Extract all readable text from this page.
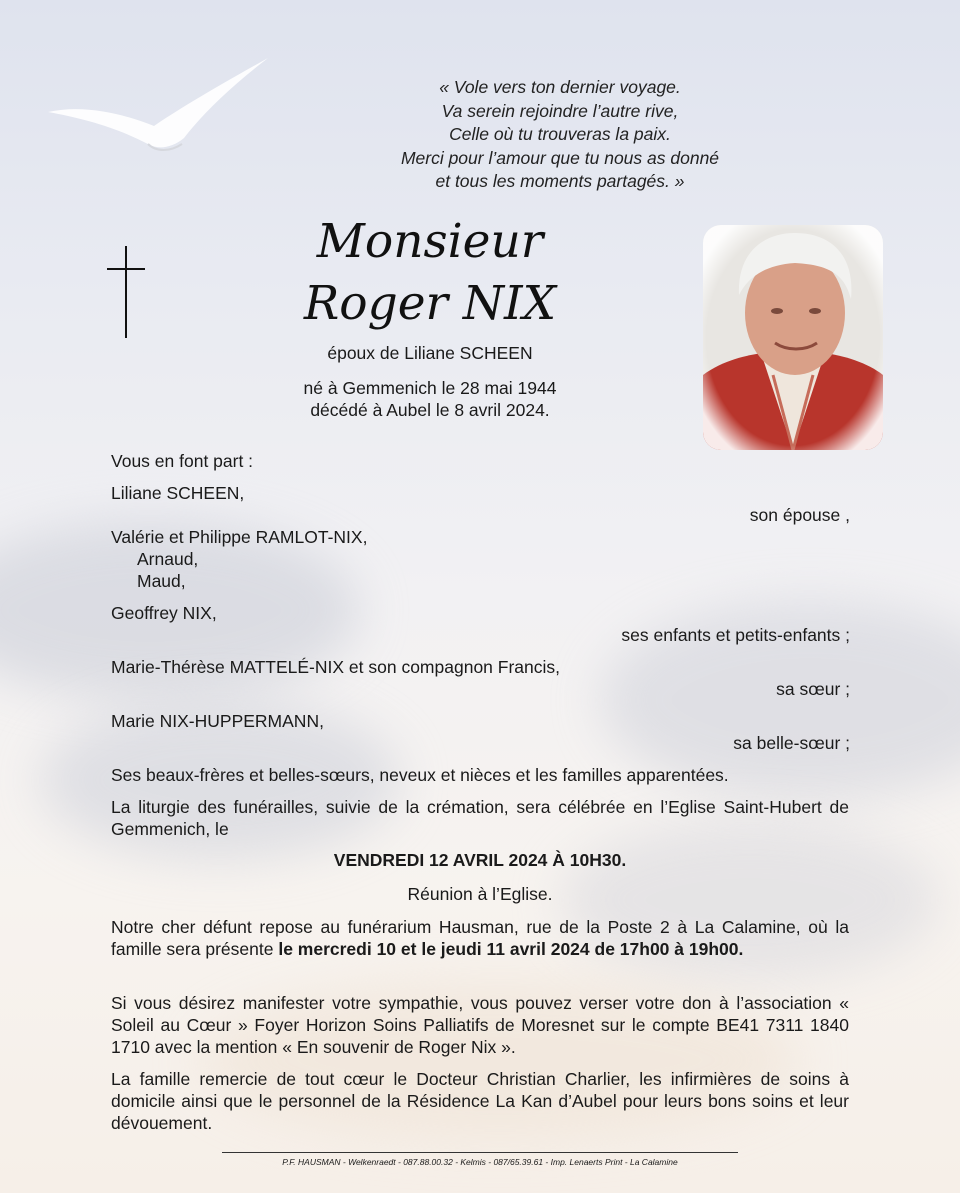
« Vole vers ton dernier voyage.
Va serein rejoindre l’autre rive,
Celle où tu trouveras la paix.
Merci pour l’amour que tu nous as donné
et tous les moments partagés. »
Monsieur
Roger NIX
époux de Liliane SCHEEN
né à Gemmenich le 28 mai 1944
décédé à Aubel le 8 avril 2024.
Vous en font part :
Liliane SCHEEN,
son épouse ,
Valérie et Philippe RAMLOT-NIX,
Arnaud,
Maud,
Geoffrey NIX,
ses enfants et petits-enfants ;
Marie-Thérèse MATTELÉ-NIX et son compagnon Francis,
sa sœur ;
Marie NIX-HUPPERMANN,
sa belle-sœur ;
Ses beaux-frères et belles-sœurs, neveux et nièces et les familles apparentées.
La liturgie des funérailles, suivie de la crémation, sera célébrée en l’Eglise Saint-Hubert de Gemmenich, le
VENDREDI 12 AVRIL 2024 À 10H30.
Réunion à l’Eglise.
Notre cher défunt repose au funérarium Hausman, rue de la Poste 2 à La Calamine, où la famille sera présente le mercredi 10 et le jeudi 11 avril 2024 de 17h00 à 19h00.
Si vous désirez manifester votre sympathie, vous pouvez verser votre don à l’association « Soleil au Cœur » Foyer Horizon Soins Palliatifs de Moresnet sur le compte BE41 7311 1840 1710 avec la mention « En souvenir de Roger Nix ».
La famille remercie de tout cœur le Docteur Christian Charlier, les infirmières de soins à domicile ainsi que le personnel de la Résidence La Kan d’Aubel pour leurs bons soins et leur dévouement.
P.F. HAUSMAN - Welkenraedt - 087.88.00.32 - Kelmis - 087/65.39.61 - Imp. Lenaerts Print - La Calamine
